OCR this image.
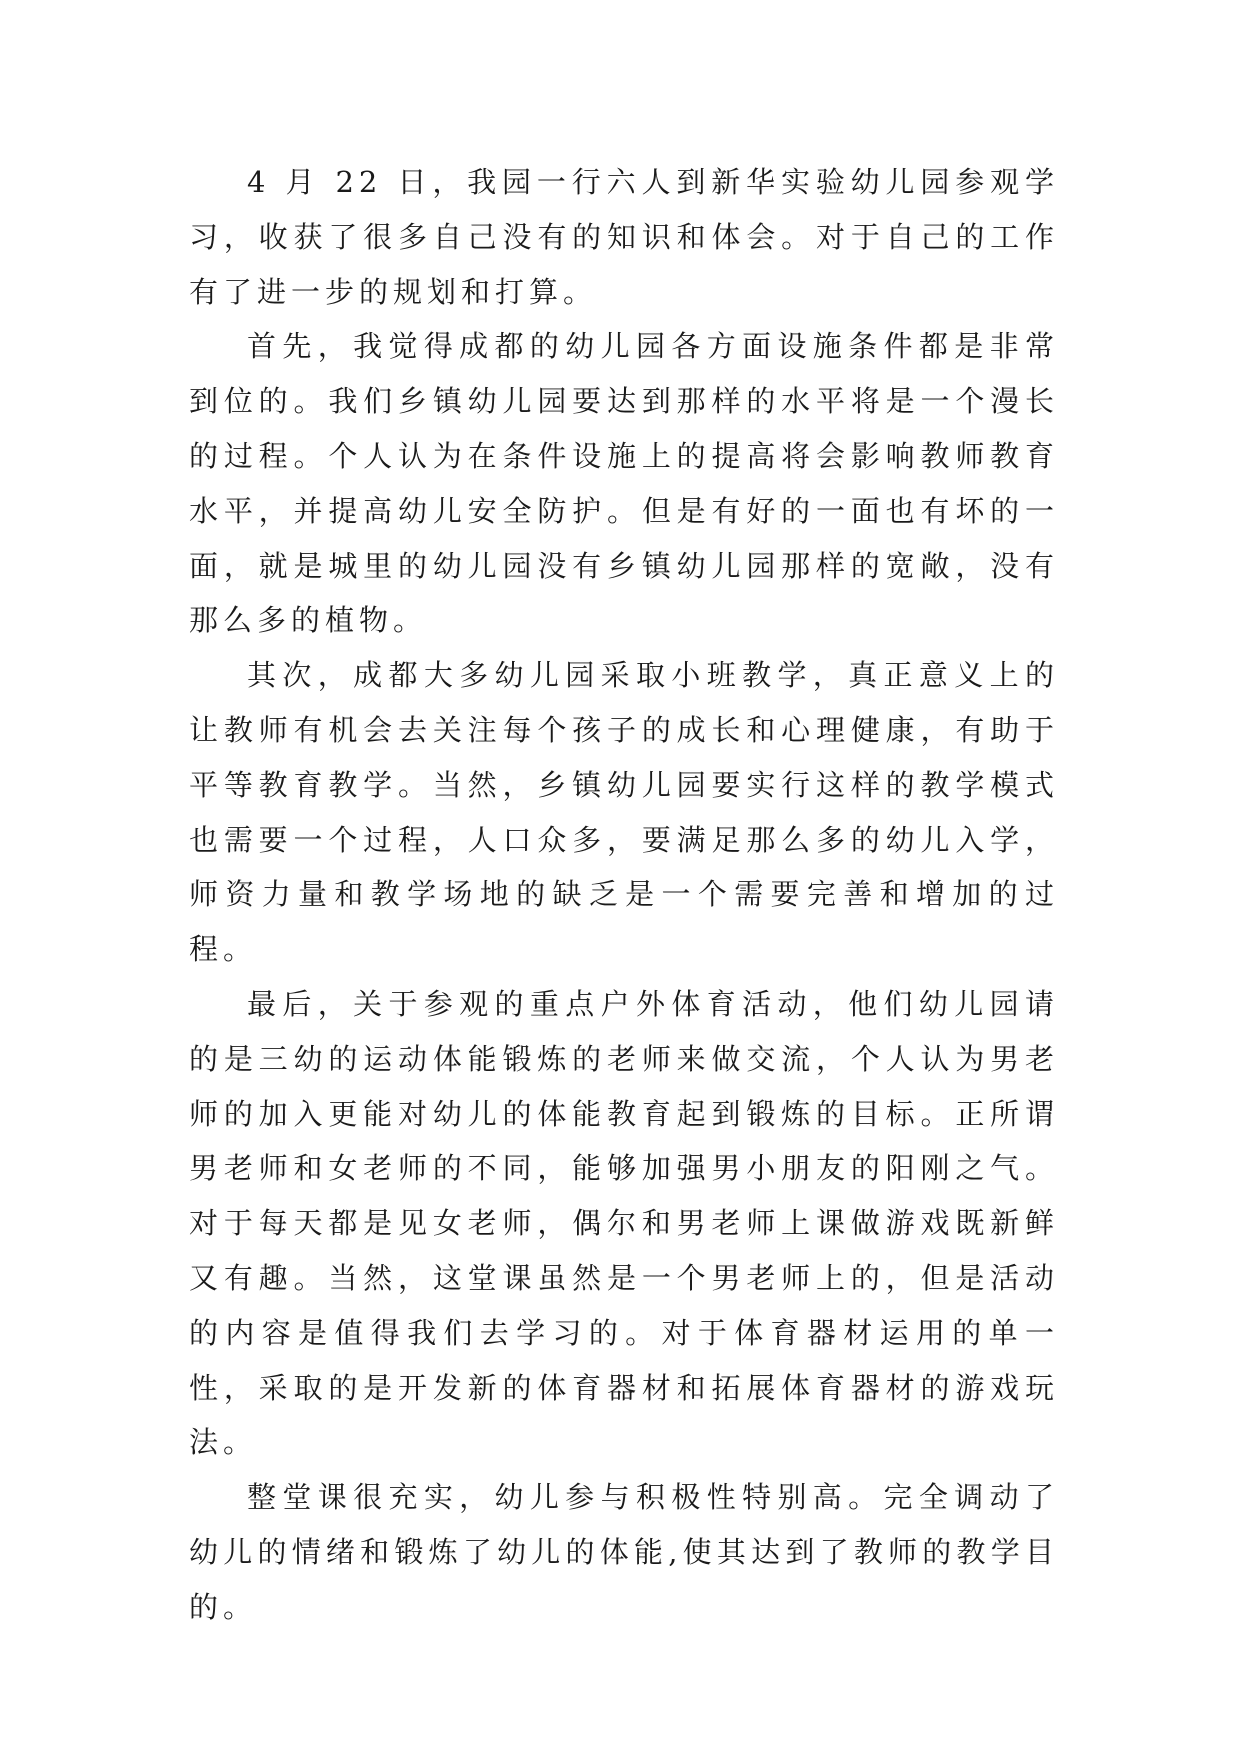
4 月 22 日，我园一行六人到新华实验幼儿园参观学习，收获了很多自己没有的知识和体会。对于自己的工作有了进一步的规划和打算。

首先，我觉得成都的幼儿园各方面设施条件都是非常到位的。我们乡镇幼儿园要达到那样的水平将是一个漫长的过程。个人认为在条件设施上的提高将会影响教师教育水平，并提高幼儿安全防护。但是有好的一面也有坏的一面，就是城里的幼儿园没有乡镇幼儿园那样的宽敞，没有那么多的植物。

其次，成都大多幼儿园采取小班教学，真正意义上的让教师有机会去关注每个孩子的成长和心理健康，有助于平等教育教学。当然，乡镇幼儿园要实行这样的教学模式也需要一个过程，人口众多，要满足那么多的幼儿入学，师资力量和教学场地的缺乏是一个需要完善和增加的过程。

最后，关于参观的重点户外体育活动，他们幼儿园请的是三幼的运动体能锻炼的老师来做交流，个人认为男老师的加入更能对幼儿的体能教育起到锻炼的目标。正所谓男老师和女老师的不同，能够加强男小朋友的阳刚之气。对于每天都是见女老师，偶尔和男老师上课做游戏既新鲜又有趣。当然，这堂课虽然是一个男老师上的，但是活动的内容是值得我们去学习的。对于体育器材运用的单一性，采取的是开发新的体育器材和拓展体育器材的游戏玩法。

整堂课很充实，幼儿参与积极性特别高。完全调动了幼儿的情绪和锻炼了幼儿的体能,使其达到了教师的教学目的。
